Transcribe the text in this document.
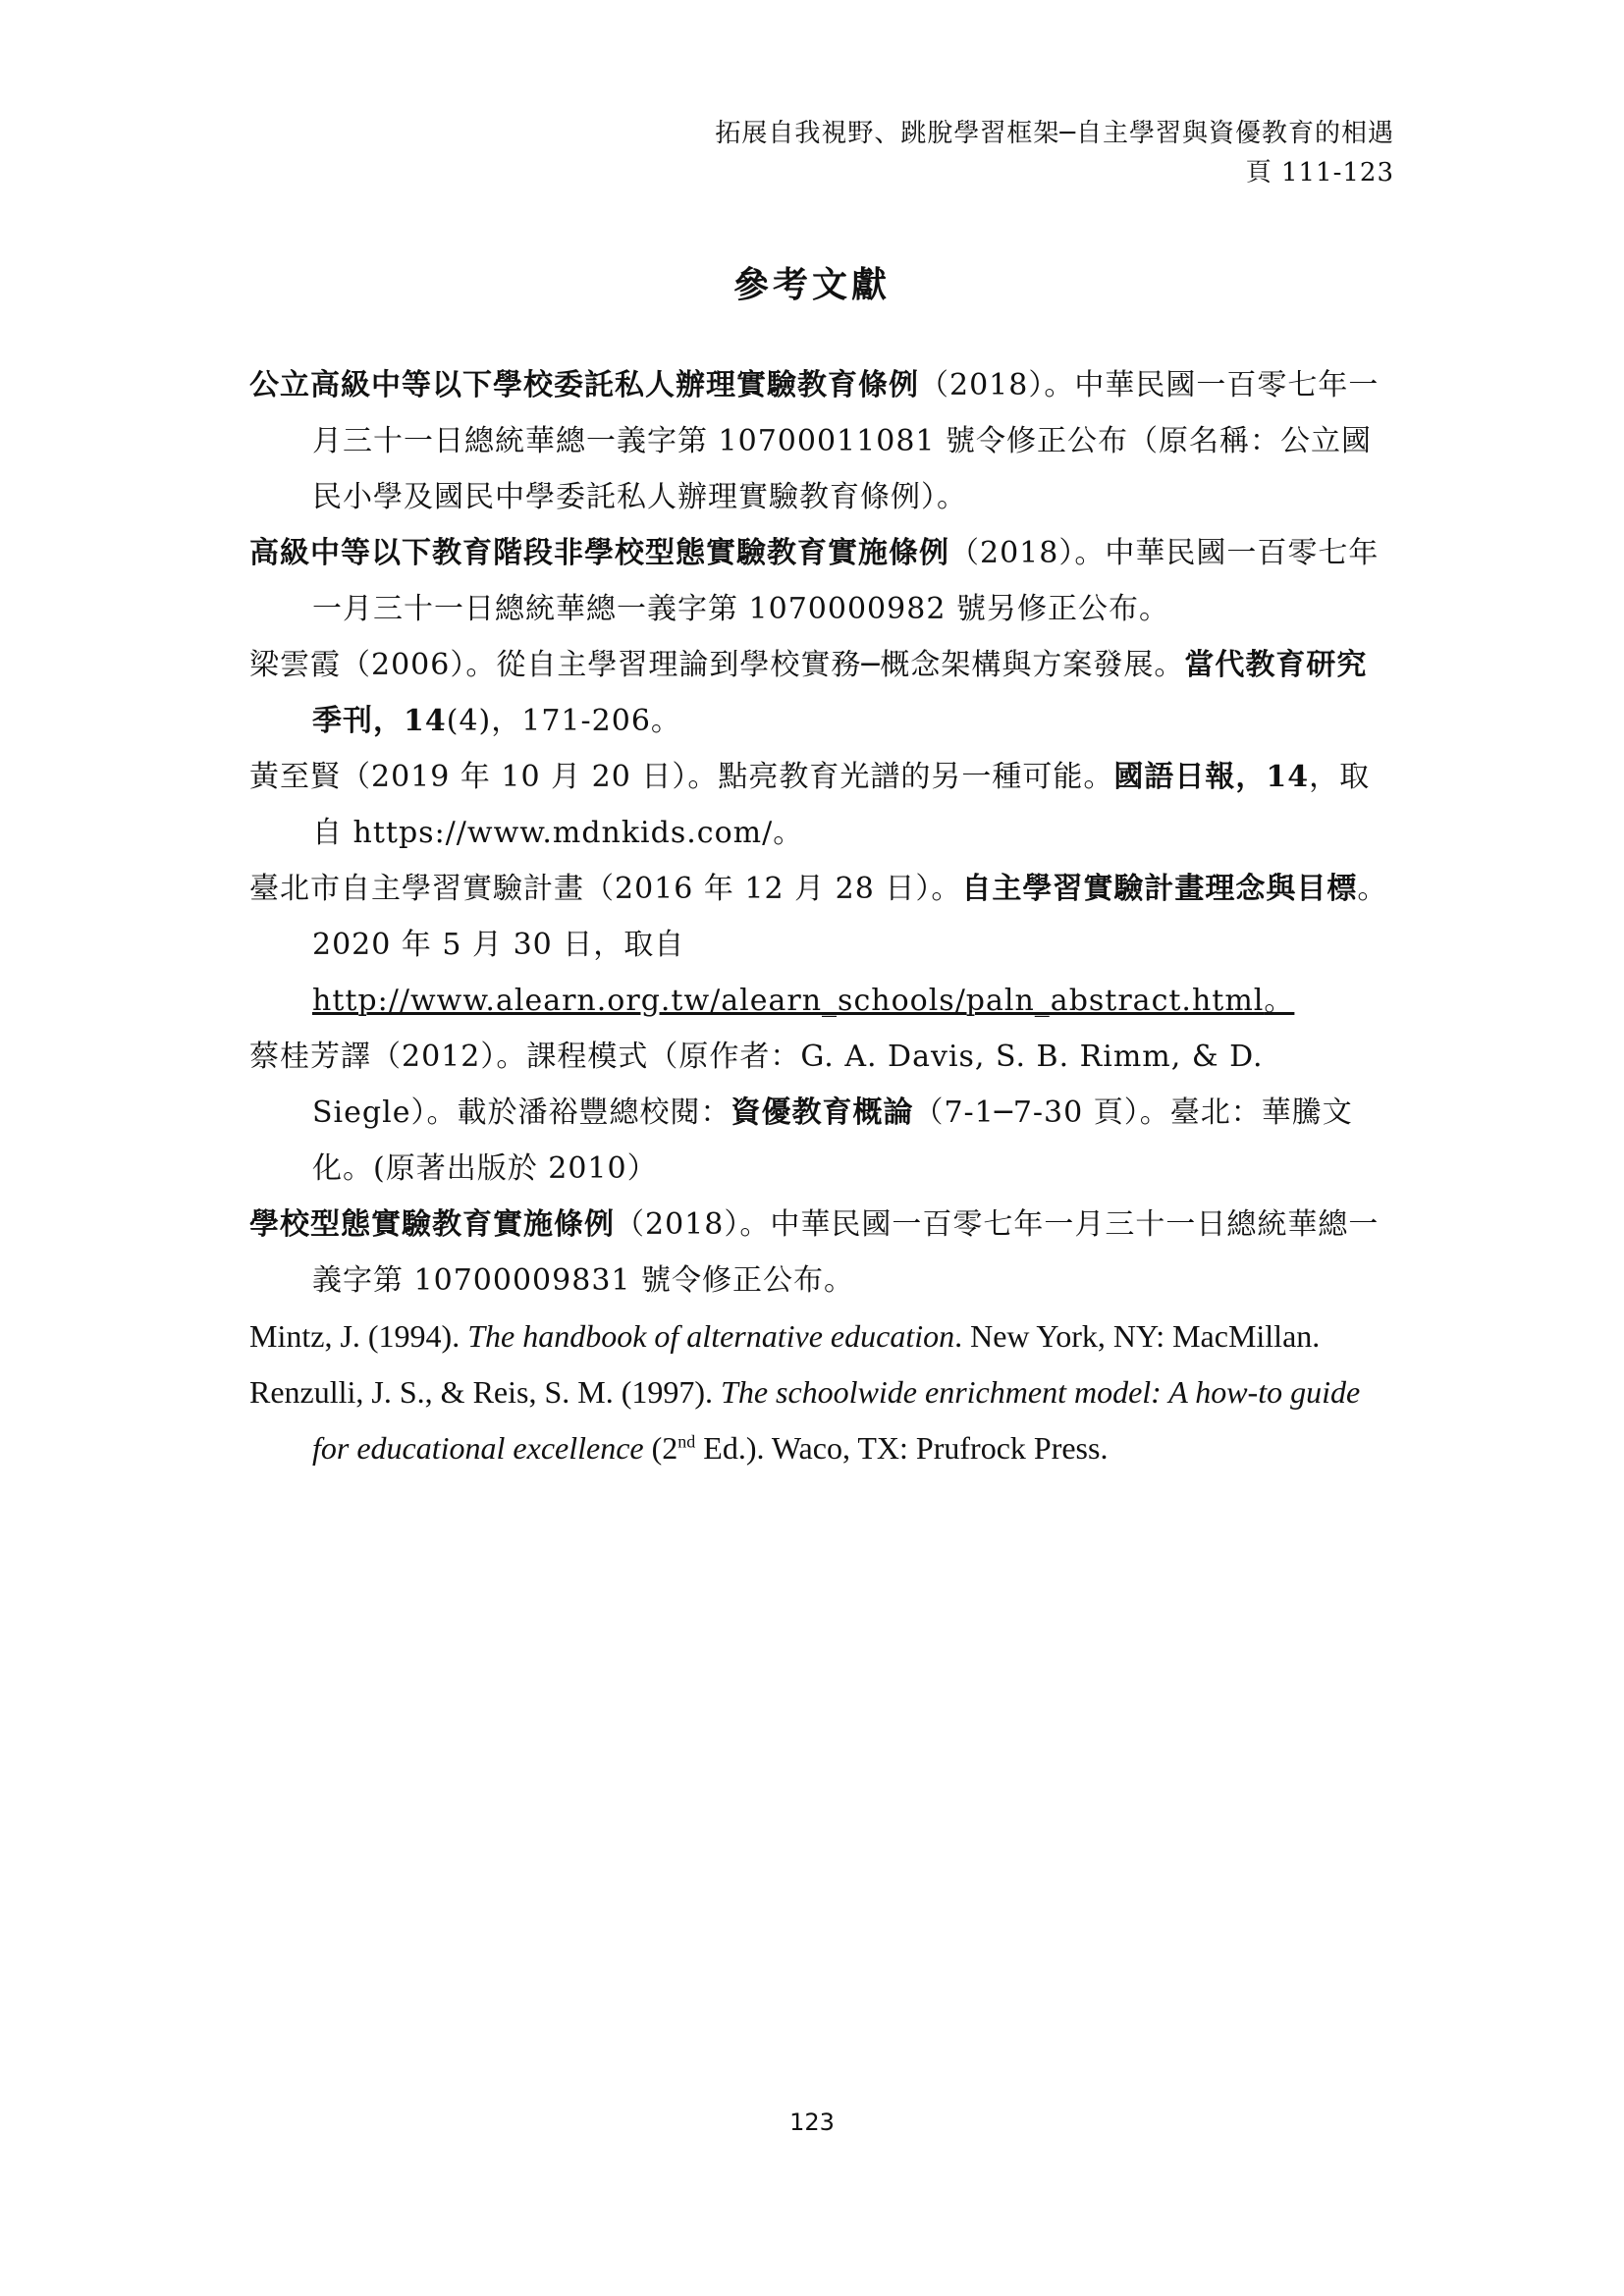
拓展自我視野、跳脫學習框架─自主學習與資優教育的相遇
頁 111-123
參考文獻

公立高級中等以下學校委託私人辦理實驗教育條例（2018）。中華民國一百零七年一月三十一日總統華總一義字第 10700011081 號令修正公布（原名稱：公立國民小學及國民中學委託私人辦理實驗教育條例）。

高級中等以下教育階段非學校型態實驗教育實施條例（2018）。中華民國一百零七年一月三十一日總統華總一義字第 1070000982 號另修正公布。

梁雲霞（2006）。從自主學習理論到學校實務─概念架構與方案發展。當代教育研究季刊，14(4)，171-206。

黃至賢（2019 年 10 月 20 日）。點亮教育光譜的另一種可能。國語日報，14，取自 https://www.mdnkids.com/。

臺北市自主學習實驗計畫（2016 年 12 月 28 日）。自主學習實驗計畫理念與目標。2020 年 5 月 30 日，取自
http://www.alearn.org.tw/alearn_schools/paln_abstract.html。

蔡桂芳譯（2012）。課程模式（原作者：G. A. Davis, S. B. Rimm, & D. Siegle）。載於潘裕豐總校閱：資優教育概論（7-1─7-30 頁）。臺北：華騰文化。(原著出版於 2010）

學校型態實驗教育實施條例（2018）。中華民國一百零七年一月三十一日總統華總一義字第 10700009831 號令修正公布。

Mintz, J. (1994). The handbook of alternative education. New York, NY: MacMillan.

Renzulli, J. S., & Reis, S. M. (1997). The schoolwide enrichment model: A how-to guide for educational excellence (2nd Ed.). Waco, TX: Prufrock Press.

123
